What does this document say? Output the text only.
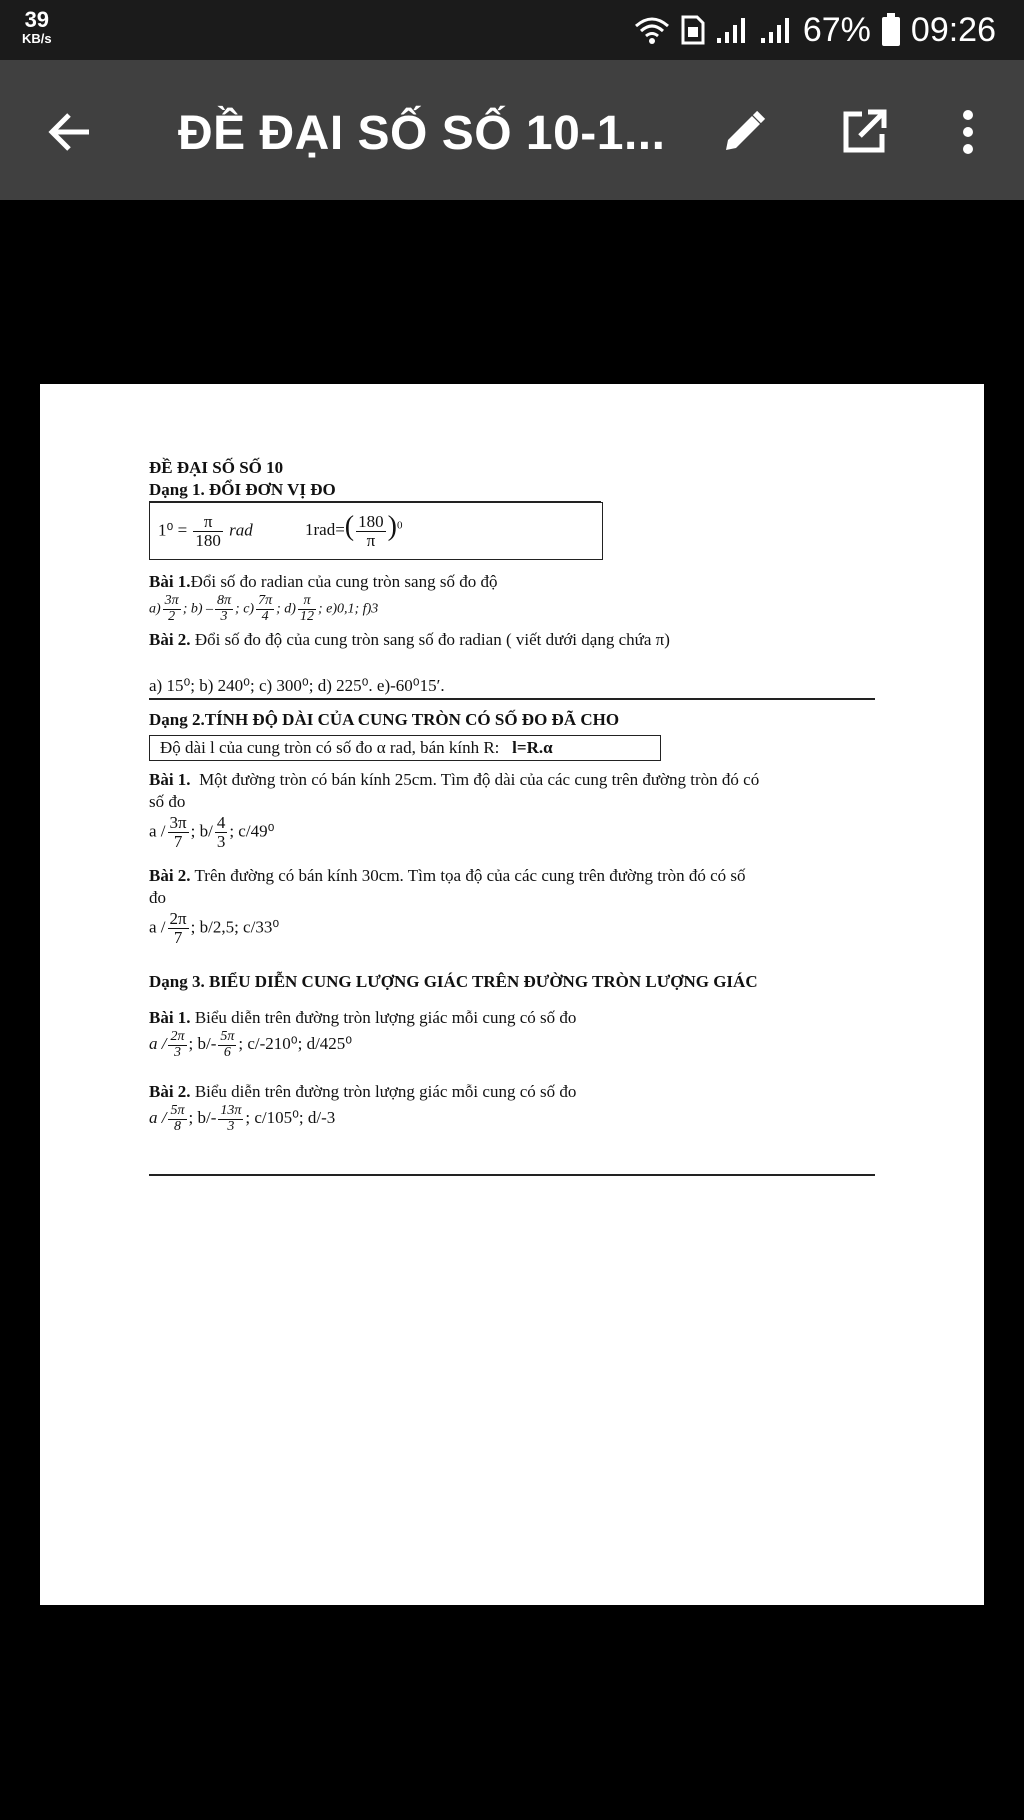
39
KB/s	67% 09:26
ĐỀ ĐẠI SỐ SỐ 10-1...
ĐỀ ĐẠI SỐ SỐ 10
Dạng 1. ĐỔI ĐƠN VỊ ĐO
$1^0 = \frac{\pi}{180}$ rad	$1rad=( \frac{180}{\pi} )^0$
Bài 1.Đổi số đo radian của cung tròn sang số đo độ
$a) \frac{3\pi}{2}$ ; $b) - \frac{8\pi}{3}$ ; $c) \frac{7\pi}{4}$ ; $d) \frac{\pi}{12}$ ; e)0,1; f)3
Bài 2. Đổi số đo độ của cung tròn sang số đo radian ( viết dưới dạng chứa π)
a) 15⁰; b) 240⁰; c) 300⁰; d) 225⁰. e)-60⁰15′.
Dạng 2.TÍNH ĐỘ DÀI CỦA CUNG TRÒN CÓ SỐ ĐO ĐÃ CHO
Độ dài l của cung tròn có số đo α rad, bán kính R: l=R.α
Bài 1. Một đường tròn có bán kính 25cm. Tìm độ dài của các cung trên đường tròn đó có
số đo
a / $\frac{3\pi}{7}$ ; $b/ \frac{4}{3}$ ; c/49⁰
Bài 2. Trên đường có bán kính 30cm. Tìm tọa độ của các cung trên đường tròn đó có số
đo
a / $\frac{2\pi}{7}$ ; b/2,5; c/33⁰
Dạng 3. BIỂU DIỄN CUNG LƯỢNG GIÁC TRÊN ĐƯỜNG TRÒN LƯỢNG GIÁC
Bài 1. Biểu diễn trên đường tròn lượng giác mỗi cung có số đo
a / $\frac{2\pi}{3}$ ; $b/- \frac{5\pi}{6}$ ; c/-210⁰; d/425⁰
Bài 2. Biểu diễn trên đường tròn lượng giác mỗi cung có số đo
a / $\frac{5\pi}{8}$ ; $b/- \frac{13\pi}{3}$ ; c/105⁰; d/-3
